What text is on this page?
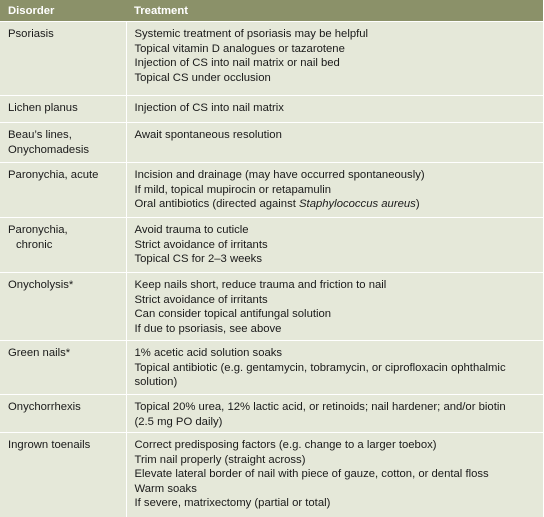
Disorder	Treatment

Psoriasis	Systemic treatment of psoriasis may be helpful
Topical vitamin D analogues or tazarotene
Injection of CS into nail matrix or nail bed
Topical CS under occlusion

Lichen planus	Injection of CS into nail matrix

Beau’s lines,
Onychomadesis	Await spontaneous resolution

Paronychia, acute	Incision and drainage (may have occurred spontaneously)
If mild, topical mupirocin or retapamulin
Oral antibiotics (directed against Staphylococcus aureus)

Paronychia,
chronic	Avoid trauma to cuticle
Strict avoidance of irritants
Topical CS for 2–3 weeks

Onycholysis*	Keep nails short, reduce trauma and friction to nail
Strict avoidance of irritants
Can consider topical antifungal solution
If due to psoriasis, see above

Green nails*	1% acetic acid solution soaks
Topical antibiotic (e.g. gentamycin, tobramycin, or ciprofloxacin ophthalmic solution)

Onychorrhexis	Topical 20% urea, 12% lactic acid, or retinoids; nail hardener; and/or biotin (2.5 mg PO daily)

Ingrown toenails	Correct predisposing factors (e.g. change to a larger toebox)
Trim nail properly (straight across)
Elevate lateral border of nail with piece of gauze, cotton, or dental floss
Warm soaks
If severe, matrixectomy (partial or total)
